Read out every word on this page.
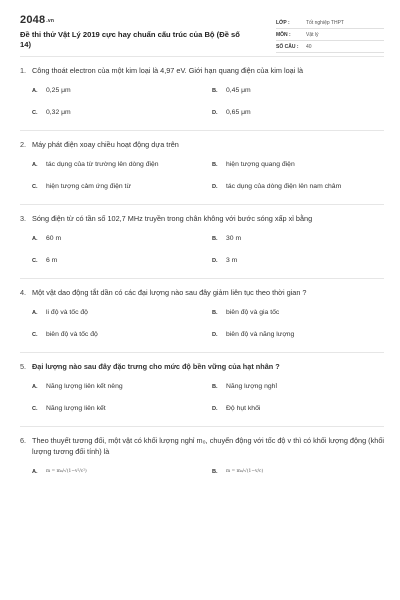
2048.vn
Đề thi thử Vật Lý 2019 cực hay chuẩn cấu trúc của Bộ (Đề số 14)
LỚP :	Tốt nghiệp THPT
MÔN :	Vật lý
SỐ CÂU :	40
1. Công thoát electron của một kim loại là 4,97 eV. Giới hạn quang điện của kim loại là
A.	0,25 μm	B.	0,45 μm
C.	0,32 μm	D.	0,65 μm
2. Máy phát điện xoay chiều hoạt động dựa trên
A.	tác dụng của từ trường lên dòng điện	B.	hiện tượng quang điện
C.	hiện tượng cảm ứng điện từ	D.	tác dụng của dòng điện lên nam châm
3. Sóng điện từ có tần số 102,7 MHz truyền trong chân không với bước sóng xấp xỉ bằng
A.	60 m	B.	30 m
C.	6 m	D.	3 m
4. Một vật dao động tắt dần có các đại lượng nào sau đây giảm liên tục theo thời gian ?
A.	li độ và tốc độ	B.	biên độ và gia tốc
C.	biên độ và tốc độ	D.	biên độ và năng lượng
5. Đại lượng nào sau đây đặc trưng cho mức độ bền vững của hạt nhân ?
A.	Năng lượng liên kết nêng	B.	Năng lượng nghỉ
C.	Năng lượng liên kết	D.	Độ hụt khối
6. Theo thuyết tương đối, một vật có khối lượng nghỉ m₀, chuyển động với tốc độ v thì có khối lượng động (khối lượng tương đối tính) là
A.	m = m₀/√(1−v²/c²)	B.	m = m₀/√(1−v/c)
